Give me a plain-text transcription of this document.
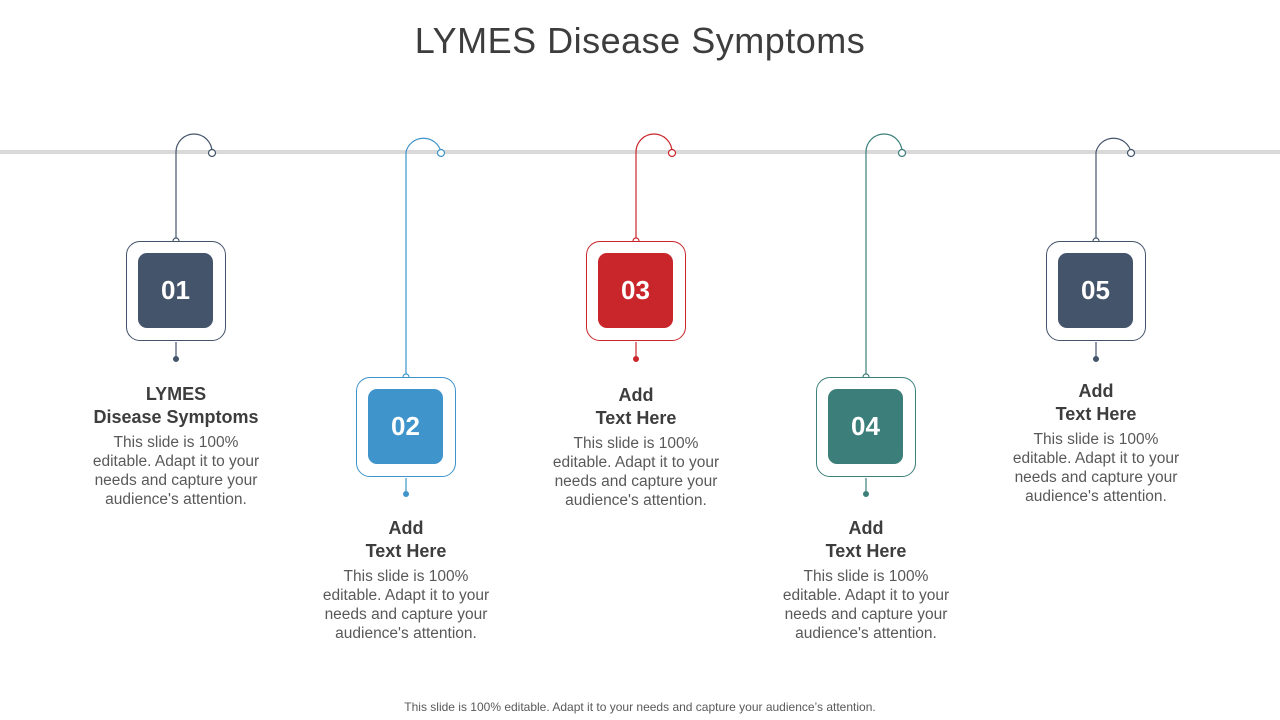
LYMES Disease Symptoms
01
LYMES
Disease Symptoms
This slide is 100% editable. Adapt it to your needs and capture your audience's attention.
02
Add
Text Here
This slide is 100% editable. Adapt it to your needs and capture your audience's attention.
03
Add
Text Here
This slide is 100% editable. Adapt it to your needs and capture your audience's attention.
04
Add
Text Here
This slide is 100% editable. Adapt it to your needs and capture your audience's attention.
05
Add
Text Here
This slide is 100% editable. Adapt it to your needs and capture your audience's attention.
This slide is 100% editable. Adapt it to your needs and capture your audience’s attention.
